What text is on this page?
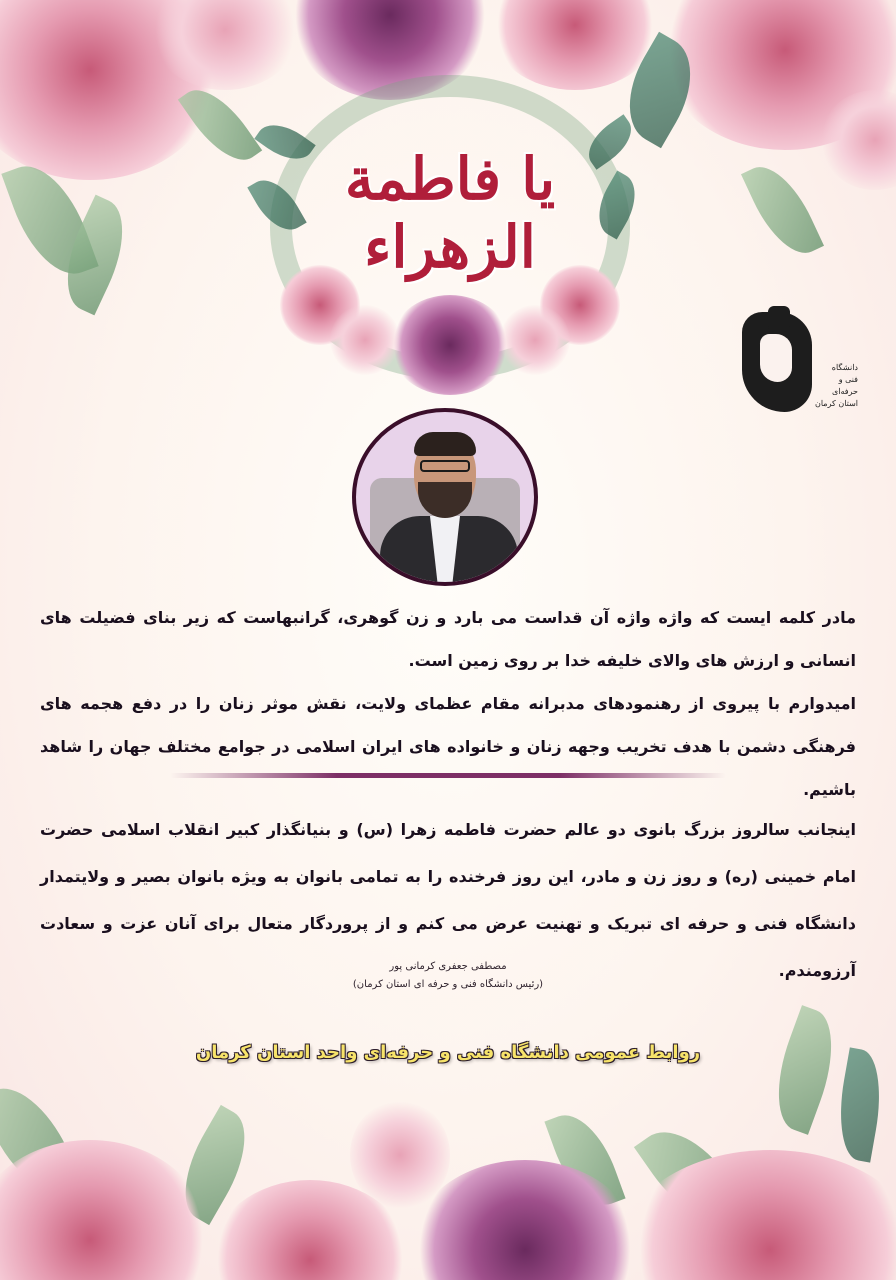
یا فاطمة الزهراء
دانشگاه
فنی و حرفه‌ای
استان کرمان

مادر کلمه ایست که واژه واژه آن قداست می بارد و زن گوهری، گرانبهاست که زیر بنای فضیلت های انسانی و ارزش های والای خلیفه خدا بر روی زمین است.

امیدوارم با پیروی از رهنمودهای مدبرانه مقام عظمای ولایت، نقش موثر زنان را در دفع هجمه های فرهنگی دشمن با هدف تخریب وجهه زنان و خانواده های ایران اسلامی در جوامع مختلف جهان را شاهد باشیم.

اینجانب سالروز بزرگ بانوی دو عالم حضرت فاطمه زهرا (س) و بنیانگذار کبیر انقلاب اسلامی حضرت امام خمینی (ره) و روز زن و مادر، این روز فرخنده را به تمامی بانوان به ویژه بانوان بصیر و ولایتمدار دانشگاه فنی و حرفه ای تبریک و تهنیت عرض می کنم و از پروردگار متعال برای آنان عزت و سعادت آرزومندم.

مصطفی جعفری کرمانی پور
(رئیس دانشگاه فنی و حرفه ای استان کرمان)
روابط عمومی دانشگاه فنی و حرفه‌ای واحد استان کرمان
